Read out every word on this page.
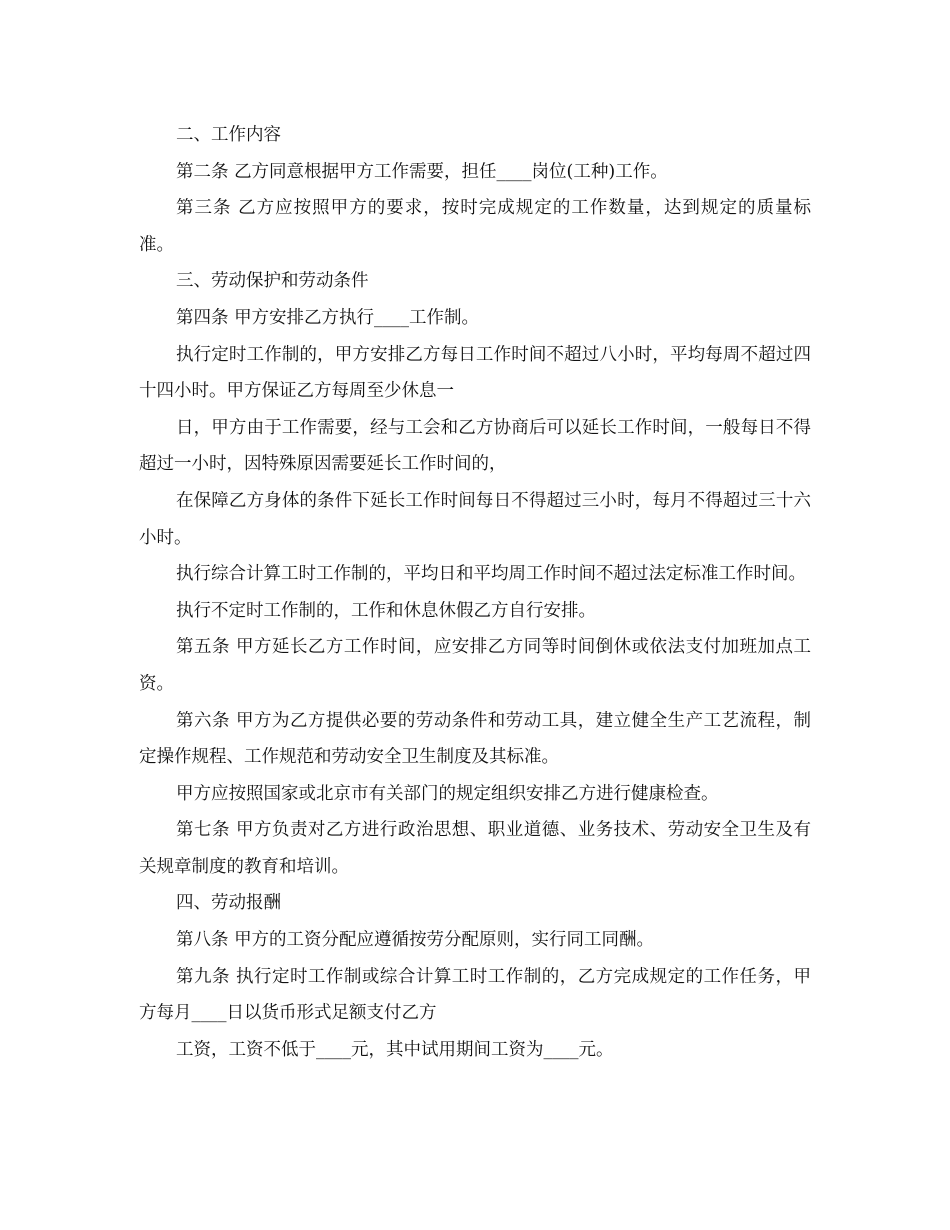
二、工作内容

第二条 乙方同意根据甲方工作需要，担任____岗位(工种)工作。

第三条 乙方应按照甲方的要求，按时完成规定的工作数量，达到规定的质量标准。

三、劳动保护和劳动条件

第四条 甲方安排乙方执行____工作制。

执行定时工作制的，甲方安排乙方每日工作时间不超过八小时，平均每周不超过四十四小时。甲方保证乙方每周至少休息一

日，甲方由于工作需要，经与工会和乙方协商后可以延长工作时间，一般每日不得超过一小时，因特殊原因需要延长工作时间的，

在保障乙方身体的条件下延长工作时间每日不得超过三小时，每月不得超过三十六小时。

执行综合计算工时工作制的，平均日和平均周工作时间不超过法定标准工作时间。

执行不定时工作制的，工作和休息休假乙方自行安排。

第五条 甲方延长乙方工作时间，应安排乙方同等时间倒休或依法支付加班加点工资。

第六条 甲方为乙方提供必要的劳动条件和劳动工具，建立健全生产工艺流程，制定操作规程、工作规范和劳动安全卫生制度及其标准。

甲方应按照国家或北京市有关部门的规定组织安排乙方进行健康检查。

第七条 甲方负责对乙方进行政治思想、职业道德、业务技术、劳动安全卫生及有关规章制度的教育和培训。

四、劳动报酬

第八条 甲方的工资分配应遵循按劳分配原则，实行同工同酬。

第九条 执行定时工作制或综合计算工时工作制的，乙方完成规定的工作任务，甲方每月____日以货币形式足额支付乙方

工资，工资不低于____元，其中试用期间工资为____元。
